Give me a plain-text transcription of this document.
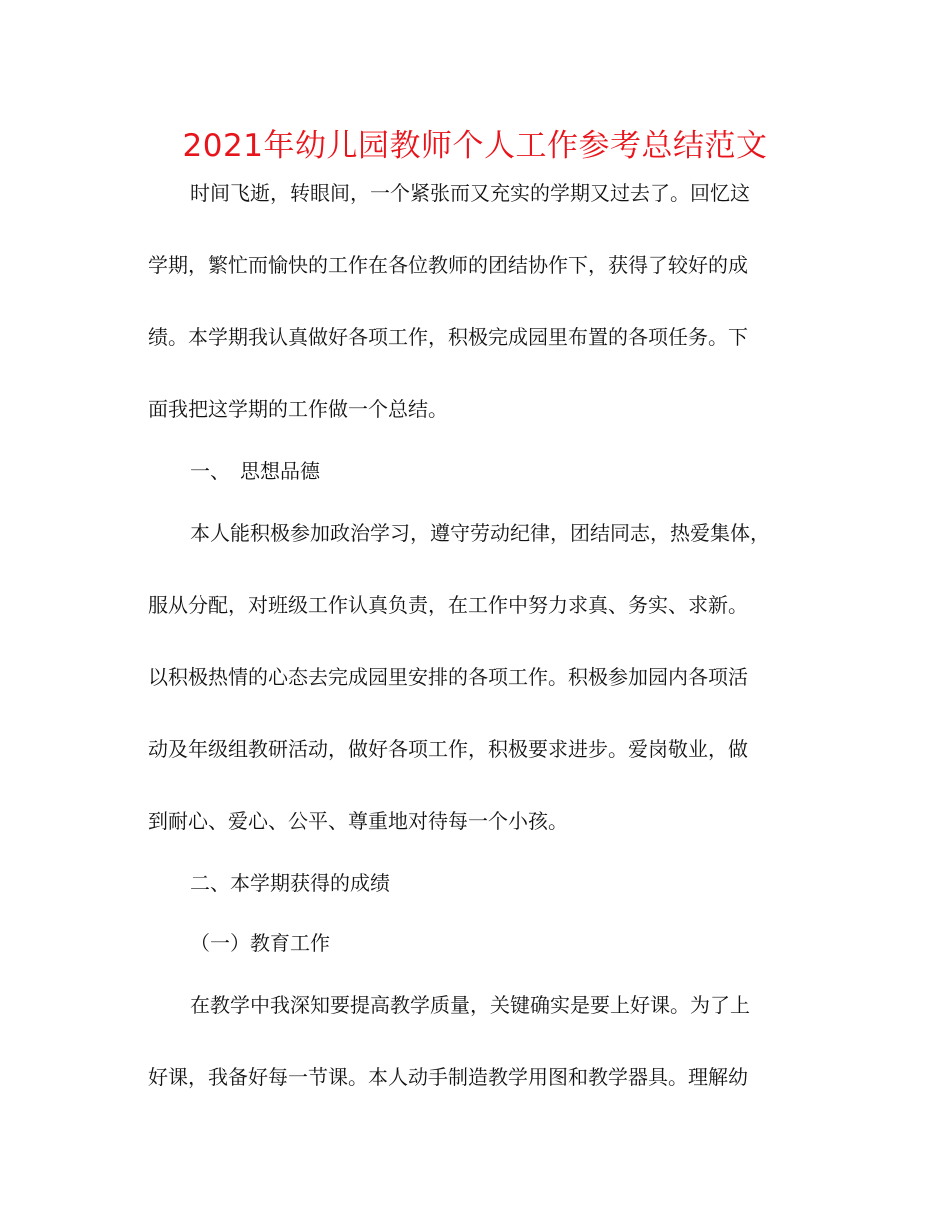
2021年幼儿园教师个人工作参考总结范文
时间飞逝，转眼间，一个紧张而又充实的学期又过去了。回忆这
学期，繁忙而愉快的工作在各位教师的团结协作下，获得了较好的成
绩。本学期我认真做好各项工作，积极完成园里布置的各项任务。下
面我把这学期的工作做一个总结。
一、　思想品德
本人能积极参加政治学习，遵守劳动纪律，团结同志，热爱集体，
服从分配，对班级工作认真负责，在工作中努力求真、务实、求新。
以积极热情的心态去完成园里安排的各项工作。积极参加园内各项活
动及年级组教研活动，做好各项工作，积极要求进步。爱岗敬业，做
到耐心、爱心、公平、尊重地对待每一个小孩。
二、本学期获得的成绩
（一）教育工作
在教学中我深知要提高教学质量，关键确实是要上好课。为了上
好课，我备好每一节课。本人动手制造教学用图和教学器具。理解幼
